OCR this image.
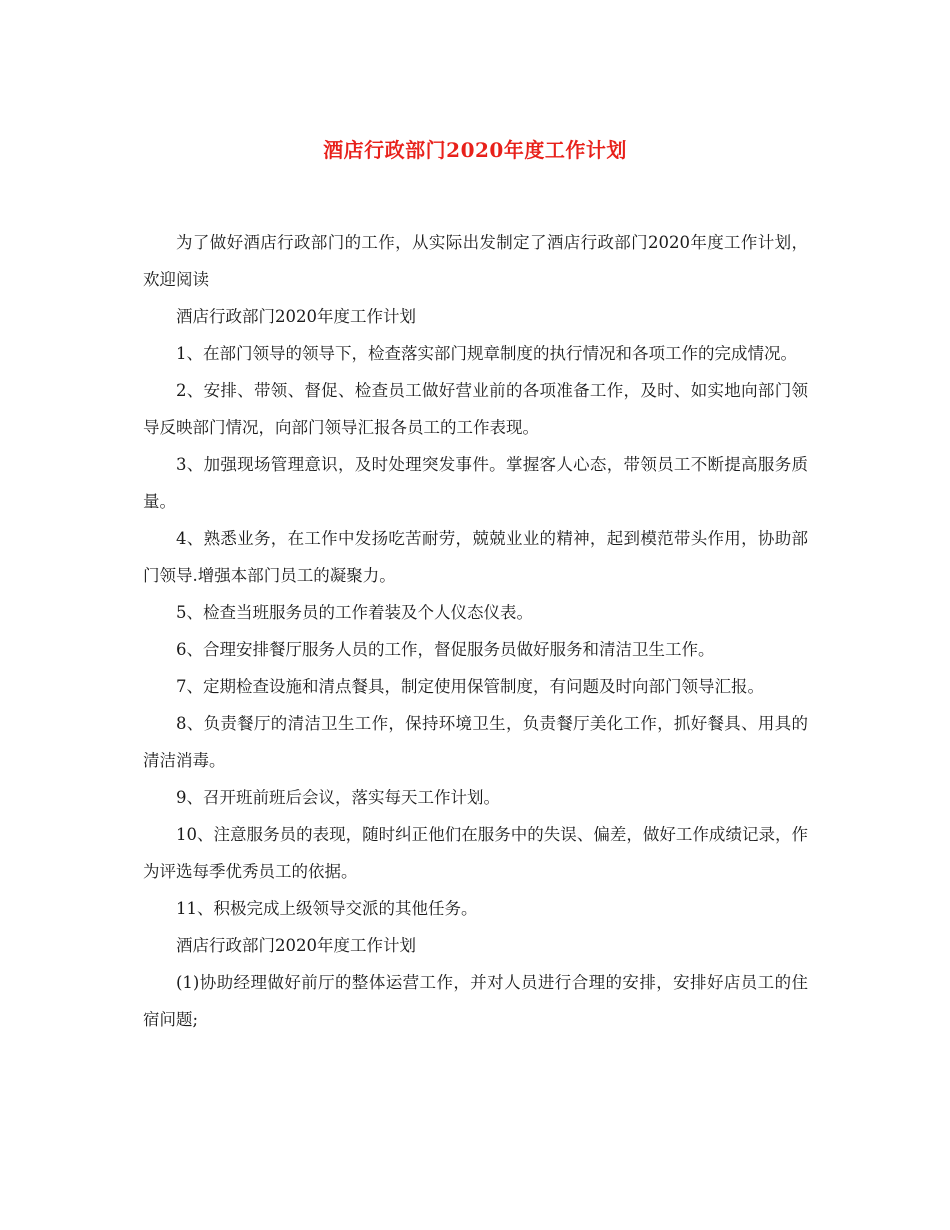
酒店行政部门2020年度工作计划

为了做好酒店行政部门的工作，从实际出发制定了酒店行政部门2020年度工作计划，欢迎阅读

酒店行政部门2020年度工作计划

1、在部门领导的领导下，检查落实部门规章制度的执行情况和各项工作的完成情况。

2、安排、带领、督促、检查员工做好营业前的各项准备工作，及时、如实地向部门领导反映部门情况，向部门领导汇报各员工的工作表现。

3、加强现场管理意识，及时处理突发事件。掌握客人心态，带领员工不断提高服务质量。

4、熟悉业务，在工作中发扬吃苦耐劳，兢兢业业的精神，起到模范带头作用，协助部门领导.增强本部门员工的凝聚力。

5、检查当班服务员的工作着装及个人仪态仪表。

6、合理安排餐厅服务人员的工作，督促服务员做好服务和清洁卫生工作。

7、定期检查设施和清点餐具，制定使用保管制度，有问题及时向部门领导汇报。

8、负责餐厅的清洁卫生工作，保持环境卫生，负责餐厅美化工作，抓好餐具、用具的清洁消毒。

9、召开班前班后会议，落实每天工作计划。

10、注意服务员的表现，随时纠正他们在服务中的失误、偏差，做好工作成绩记录，作为评选每季优秀员工的依据。

11、积极完成上级领导交派的其他任务。

酒店行政部门2020年度工作计划

(1)协助经理做好前厅的整体运营工作，并对人员进行合理的安排，安排好店员工的住宿问题;
